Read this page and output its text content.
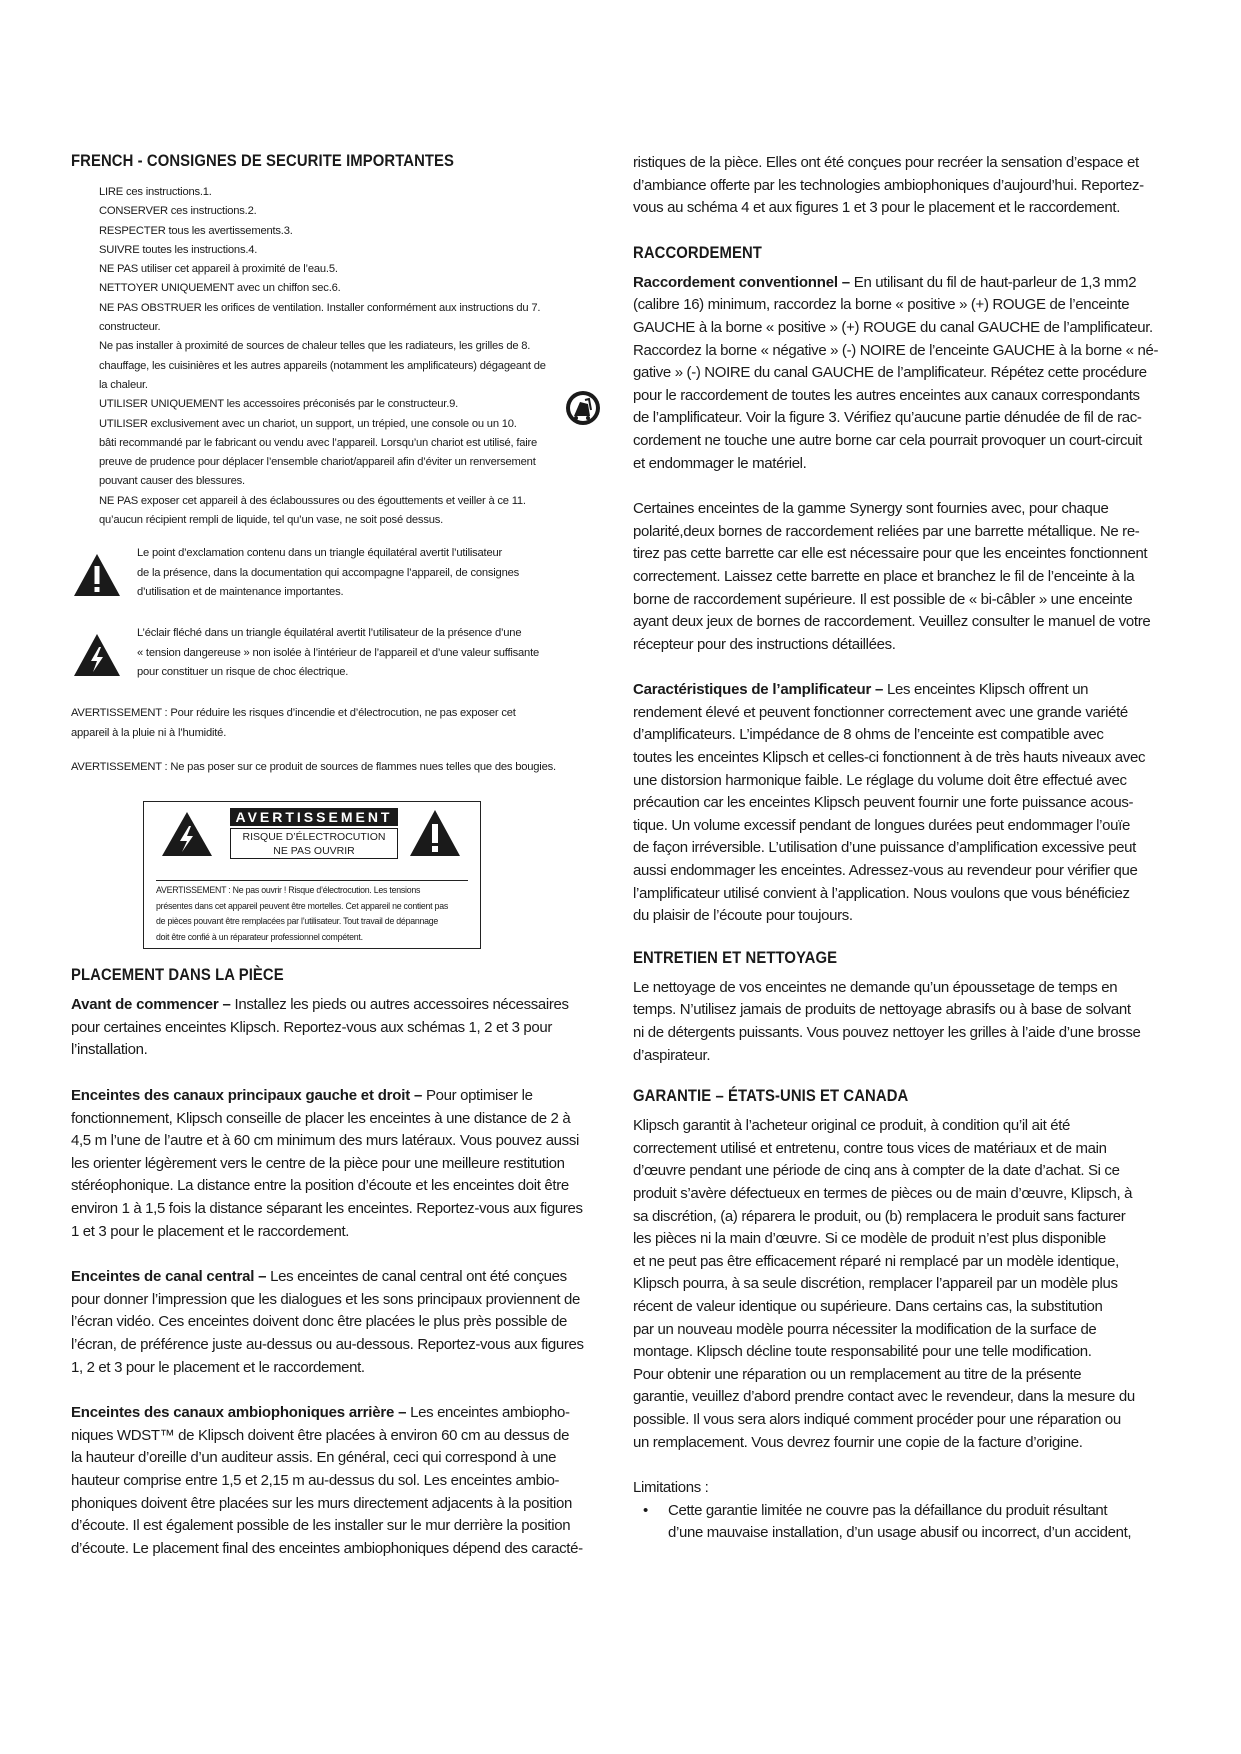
FRENCH - CONSIGNES DE SECURITE IMPORTANTES
LIRE ces instructions.1.
CONSERVER ces instructions.2.
RESPECTER tous les avertissements.3.
SUIVRE toutes les instructions.4.
NE PAS utiliser cet appareil à proximité de l’eau.5.
NETTOYER UNIQUEMENT avec un chiffon sec.6.
NE PAS OBSTRUER les orifices de ventilation. Installer conformément aux instructions du 7.
constructeur.
Ne pas installer à proximité de sources de chaleur telles que les radiateurs, les grilles de 8.
chauffage, les cuisinières et les autres appareils (notamment les amplificateurs) dégageant de
la chaleur.
UTILISER UNIQUEMENT les accessoires préconisés par le constructeur.9.
UTILISER exclusivement avec un chariot, un support, un trépied, une console ou un 10.
bâti recommandé par le fabricant ou vendu avec l’appareil. Lorsqu’un chariot est utilisé, faire
preuve de prudence pour déplacer l’ensemble chariot/appareil afin d’éviter un renversement
pouvant causer des blessures.
NE PAS exposer cet appareil à des éclaboussures ou des égouttements et veiller à ce 11.
qu’aucun récipient rempli de liquide, tel qu’un vase, ne soit posé dessus.
Le point d’exclamation contenu dans un triangle équilatéral avertit l’utilisateur
de la présence, dans la documentation qui accompagne l’appareil, de consignes
d’utilisation et de maintenance importantes.
L’éclair fléché dans un triangle équilatéral avertit l’utilisateur de la présence d’une
« tension dangereuse » non isolée à l’intérieur de l’appareil et d’une valeur suffisante
pour constituer un risque de choc électrique.
AVERTISSEMENT : Pour réduire les risques d’incendie et d’électrocution, ne pas exposer cet
appareil à la pluie ni à l’humidité.
AVERTISSEMENT : Ne pas poser sur ce produit de sources de flammes nues telles que des bougies.
AVERTISSEMENT
RISQUE D’ÉLECTROCUTION
NE PAS OUVRIR
AVERTISSEMENT : Ne pas ouvrir ! Risque d’électrocution. Les tensions
présentes dans cet appareil peuvent être mortelles. Cet appareil ne contient pas
de pièces pouvant être remplacées par l’utilisateur. Tout travail de dépannage
doit être confié à un réparateur professionnel compétent.
PLACEMENT DANS LA PIÈCE
Avant de commencer – Installez les pieds ou autres accessoires nécessaires
pour certaines enceintes Klipsch. Reportez-vous aux schémas 1, 2 et 3 pour
l’installation.
Enceintes des canaux principaux gauche et droit – Pour optimiser le
fonctionnement, Klipsch conseille de placer les enceintes à une distance de 2 à
4,5 m l’une de l’autre et à 60 cm minimum des murs latéraux. Vous pouvez aussi
les orienter légèrement vers le centre de la pièce pour une meilleure restitution
stéréophonique. La distance entre la position d’écoute et les enceintes doit être
environ 1 à 1,5 fois la distance séparant les enceintes. Reportez-vous aux figures
1 et 3 pour le placement et le raccordement.
Enceintes de canal central – Les enceintes de canal central ont été conçues
pour donner l’impression que les dialogues et les sons principaux proviennent de
l’écran vidéo. Ces enceintes doivent donc être placées le plus près possible de
l’écran, de préférence juste au-dessus ou au-dessous. Reportez-vous aux figures
1, 2 et 3 pour le placement et le raccordement.
Enceintes des canaux ambiophoniques arrière – Les enceintes ambiopho-
niques WDST™ de Klipsch doivent être placées à environ 60 cm au dessus de
la hauteur d’oreille d’un auditeur assis. En général, ceci qui correspond à une
hauteur comprise entre 1,5 et 2,15 m au-dessus du sol. Les enceintes ambio-
phoniques doivent être placées sur les murs directement adjacents à la position
d’écoute. Il est également possible de les installer sur le mur derrière la position
d’écoute. Le placement final des enceintes ambiophoniques dépend des caracté-
ristiques de la pièce. Elles ont été conçues pour recréer la sensation d’espace et
d’ambiance offerte par les technologies ambiophoniques d’aujourd’hui. Reportez-
vous au schéma 4 et aux figures 1 et 3 pour le placement et le raccordement.
RACCORDEMENT
Raccordement conventionnel – En utilisant du fil de haut-parleur de 1,3 mm2
(calibre 16) minimum, raccordez la borne « positive » (+) ROUGE de l’enceinte
GAUCHE à la borne « positive » (+) ROUGE du canal GAUCHE de l’amplificateur.
Raccordez la borne « négative » (-) NOIRE de l’enceinte GAUCHE à la borne « né-
gative » (-) NOIRE du canal GAUCHE de l’amplificateur. Répétez cette procédure
pour le raccordement de toutes les autres enceintes aux canaux correspondants
de l’amplificateur. Voir la figure 3. Vérifiez qu’aucune partie dénudée de fil de rac-
cordement ne touche une autre borne car cela pourrait provoquer un court-circuit
et endommager le matériel.
Certaines enceintes de la gamme Synergy sont fournies avec, pour chaque
polarité,deux bornes de raccordement reliées par une barrette métallique. Ne re-
tirez pas cette barrette car elle est nécessaire pour que les enceintes fonctionnent
correctement. Laissez cette barrette en place et branchez le fil de l’enceinte à la
borne de raccordement supérieure. Il est possible de « bi-câbler » une enceinte
ayant deux jeux de bornes de raccordement. Veuillez consulter le manuel de votre
récepteur pour des instructions détaillées.
Caractéristiques de l’amplificateur – Les enceintes Klipsch offrent un
rendement élevé et peuvent fonctionner correctement avec une grande variété
d’amplificateurs. L’impédance de 8 ohms de l’enceinte est compatible avec
toutes les enceintes Klipsch et celles-ci fonctionnent à de très hauts niveaux avec
une distorsion harmonique faible. Le réglage du volume doit être effectué avec
précaution car les enceintes Klipsch peuvent fournir une forte puissance acous-
tique. Un volume excessif pendant de longues durées peut endommager l’ouïe
de façon irréversible. L’utilisation d’une puissance d’amplification excessive peut
aussi endommager les enceintes. Adressez-vous au revendeur pour vérifier que
l’amplificateur utilisé convient à l’application. Nous voulons que vous bénéficiez
du plaisir de l’écoute pour toujours.
ENTRETIEN ET NETTOYAGE
Le nettoyage de vos enceintes ne demande qu’un époussetage de temps en
temps. N’utilisez jamais de produits de nettoyage abrasifs ou à base de solvant
ni de détergents puissants. Vous pouvez nettoyer les grilles à l’aide d’une brosse
d’aspirateur.
GARANTIE – ÉTATS-UNIS ET CANADA
Klipsch garantit à l’acheteur original ce produit, à condition qu’il ait été
correctement utilisé et entretenu, contre tous vices de matériaux et de main
d’œuvre pendant une période de cinq ans à compter de la date d’achat. Si ce
produit s’avère défectueux en termes de pièces ou de main d’œuvre, Klipsch, à
sa discrétion, (a) réparera le produit, ou (b) remplacera le produit sans facturer
les pièces ni la main d’œuvre. Si ce modèle de produit n’est plus disponible
et ne peut pas être efficacement réparé ni remplacé par un modèle identique,
Klipsch pourra, à sa seule discrétion, remplacer l’appareil par un modèle plus
récent de valeur identique ou supérieure. Dans certains cas, la substitution
par un nouveau modèle pourra nécessiter la modification de la surface de
montage. Klipsch décline toute responsabilité pour une telle modification.
Pour obtenir une réparation ou un remplacement au titre de la présente
garantie, veuillez d’abord prendre contact avec le revendeur, dans la mesure du
possible. Il vous sera alors indiqué comment procéder pour une réparation ou
un remplacement. Vous devrez fournir une copie de la facture d’origine.
Limitations :
• Cette garantie limitée ne couvre pas la défaillance du produit résultant
d’une mauvaise installation, d’un usage abusif ou incorrect, d’un accident,
